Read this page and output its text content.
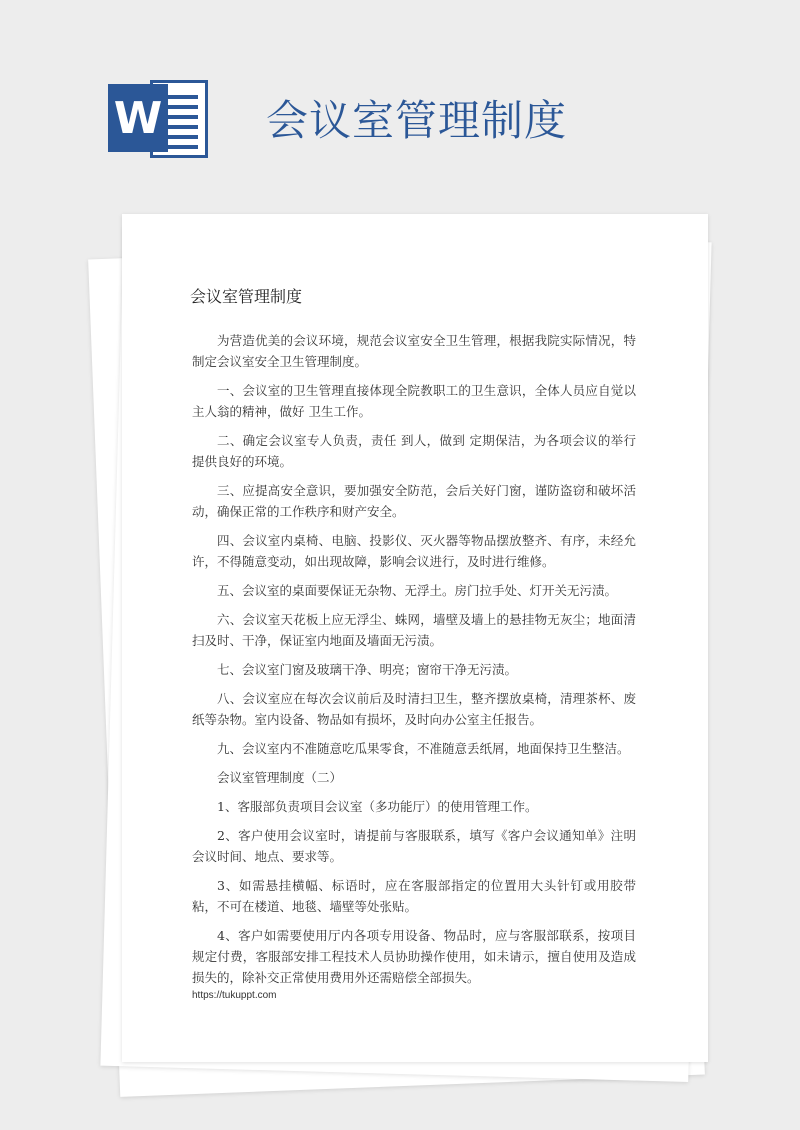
W 会议室管理制度
会议室管理制度

为营造优美的会议环境，规范会议室安全卫生管理，根据我院实际情况，特制定会议室安全卫生管理制度。

一、会议室的卫生管理直接体现全院教职工的卫生意识，全体人员应自觉以主人翁的精神，做好 卫生工作。

二、确定会议室专人负责，责任 到人，做到 定期保洁，为各项会议的举行提供良好的环境。

三、应提高安全意识，要加强安全防范，会后关好门窗，谨防盗窃和破坏活动，确保正常的工作秩序和财产安全。

四、会议室内桌椅、电脑、投影仪、灭火器等物品摆放整齐、有序，未经允许，不得随意变动，如出现故障，影响会议进行，及时进行维修。

五、会议室的桌面要保证无杂物、无浮土。房门拉手处、灯开关无污渍。

六、会议室天花板上应无浮尘、蛛网，墙壁及墙上的悬挂物无灰尘；地面清扫及时、干净，保证室内地面及墙面无污渍。

七、会议室门窗及玻璃干净、明亮；窗帘干净无污渍。

八、会议室应在每次会议前后及时清扫卫生，整齐摆放桌椅，清理茶杯、废纸等杂物。室内设备、物品如有损坏，及时向办公室主任报告。

九、会议室内不准随意吃瓜果零食，不准随意丢纸屑，地面保持卫生整洁。

会议室管理制度（二）

1、客服部负责项目会议室（多功能厅）的使用管理工作。

2、客户使用会议室时，请提前与客服联系，填写《客户会议通知单》注明会议时间、地点、要求等。

3、如需悬挂横幅、标语时，应在客服部指定的位置用大头针钉或用胶带粘，不可在楼道、地毯、墙壁等处张贴。

4、客户如需要使用厅内各项专用设备、物品时，应与客服部联系，按项目规定付费，客服部安排工程技术人员协助操作使用，如未请示，擅自使用及造成损失的，除补交正常使用费用外还需赔偿全部损失。

https://tukuppt.com
